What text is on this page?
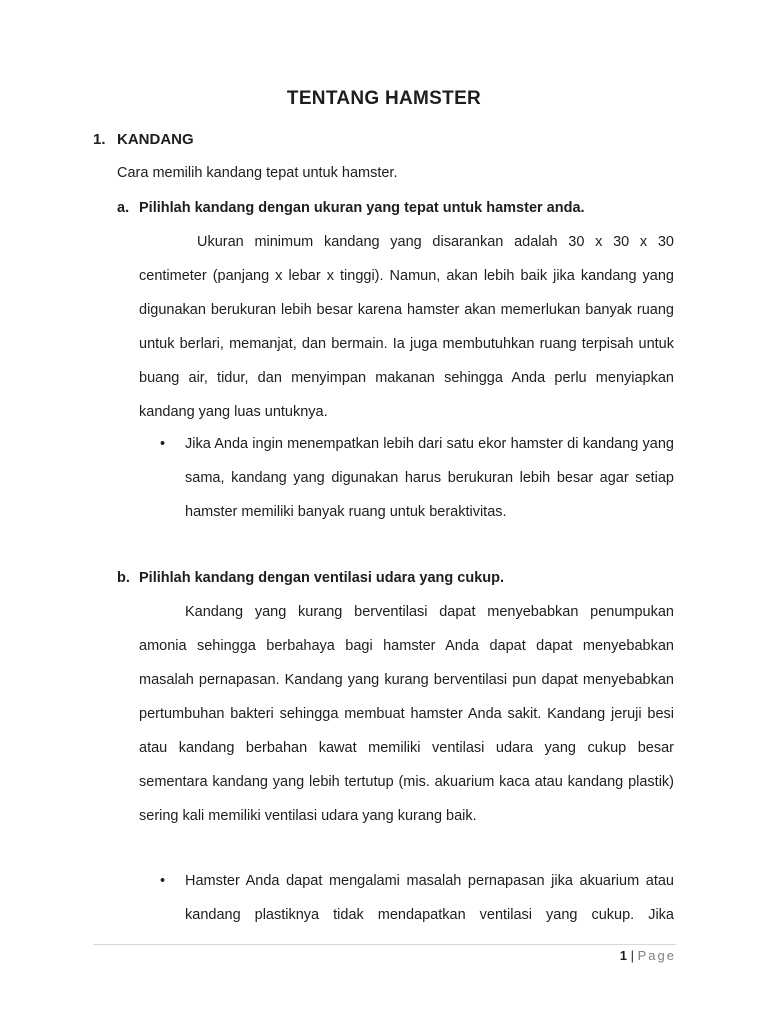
TENTANG HAMSTER
1. KANDANG
Cara memilih kandang tepat untuk hamster.
a. Pilihlah kandang dengan ukuran yang tepat untuk hamster anda.
Ukuran minimum kandang yang disarankan adalah 30 x 30 x 30 centimeter (panjang x lebar x tinggi). Namun, akan lebih baik jika kandang yang digunakan berukuran lebih besar karena hamster akan memerlukan banyak ruang untuk berlari, memanjat, dan bermain. Ia juga membutuhkan ruang terpisah untuk buang air, tidur, dan menyimpan makanan sehingga Anda perlu menyiapkan kandang yang luas untuknya.
•	Jika Anda ingin menempatkan lebih dari satu ekor hamster di kandang yang sama, kandang yang digunakan harus berukuran lebih besar agar setiap hamster memiliki banyak ruang untuk beraktivitas.
b. Pilihlah kandang dengan ventilasi udara yang cukup.
Kandang yang kurang berventilasi dapat menyebabkan penumpukan amonia sehingga berbahaya bagi hamster Anda dapat dapat menyebabkan masalah pernapasan. Kandang yang kurang berventilasi pun dapat menyebabkan pertumbuhan bakteri sehingga membuat hamster Anda sakit. Kandang jeruji besi atau kandang berbahan kawat memiliki ventilasi udara yang cukup besar sementara kandang yang lebih tertutup (mis. akuarium kaca atau kandang plastik) sering kali memiliki ventilasi udara yang kurang baik.
•	Hamster Anda dapat mengalami masalah pernapasan jika akuarium atau kandang plastiknya tidak mendapatkan ventilasi yang cukup. Jika
1 | Page
